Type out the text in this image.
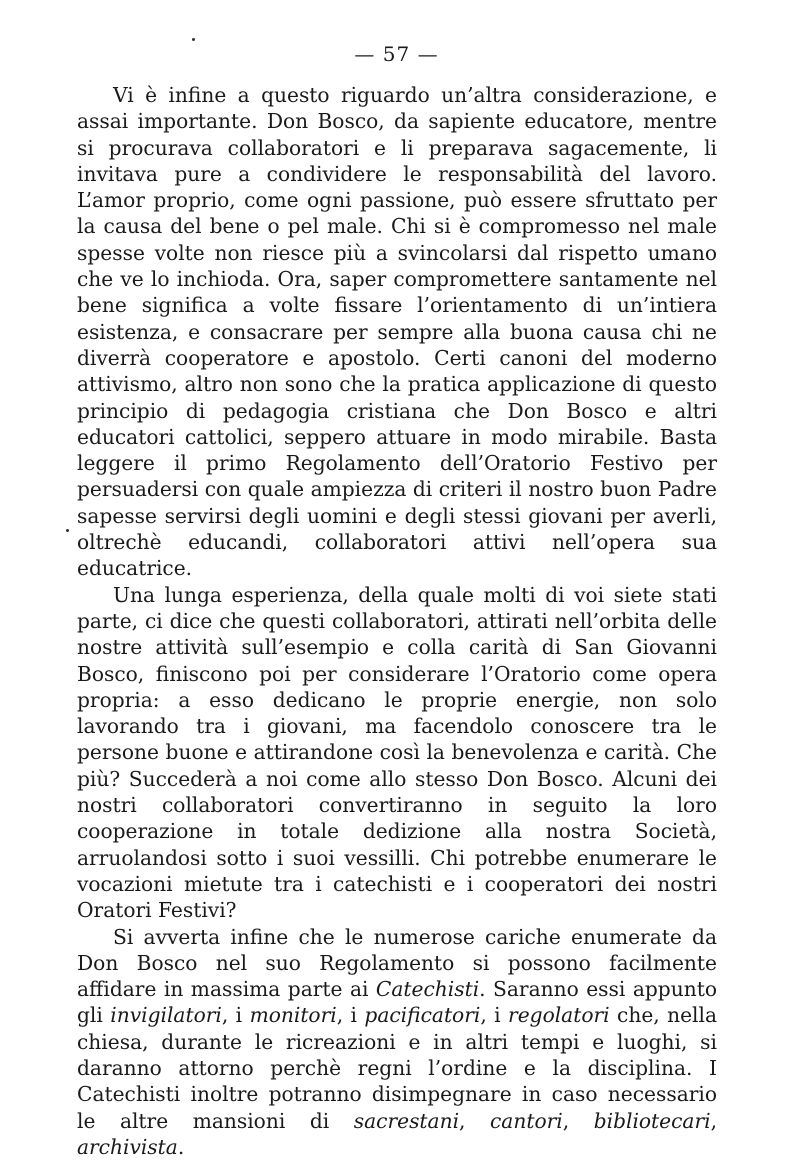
— 57 —

Vi è infine a questo riguardo un’altra considerazione, e assai importante. Don Bosco, da sapiente educatore, mentre si procurava collaboratori e li preparava sagacemente, li invitava pure a condividere le responsabilità del lavoro. L’amor proprio, come ogni passione, può essere sfruttato per la causa del bene o pel male. Chi si è compromesso nel male spesse volte non riesce più a svincolarsi dal rispetto umano che ve lo inchioda. Ora, saper compromettere santamente nel bene significa a volte fissare l’orientamento di un’intiera esistenza, e consacrare per sempre alla buona causa chi ne diverrà cooperatore e apostolo. Certi canoni del moderno attivismo, altro non sono che la pratica applicazione di questo principio di pedagogia cristiana che Don Bosco e altri educatori cattolici, seppero attuare in modo mirabile. Basta leggere il primo Regolamento dell’Oratorio Festivo per persuadersi con quale ampiezza di criteri il nostro buon Padre sapesse servirsi degli uomini e degli stessi giovani per averli, oltrechè educandi, collaboratori attivi nell’opera sua educatrice.

Una lunga esperienza, della quale molti di voi siete stati parte, ci dice che questi collaboratori, attirati nell’orbita delle nostre attività sull’esempio e colla carità di San Giovanni Bosco, finiscono poi per considerare l’Oratorio come opera propria: a esso dedicano le proprie energie, non solo lavorando tra i giovani, ma facendolo conoscere tra le persone buone e attirandone così la benevolenza e carità. Che più? Succederà a noi come allo stesso Don Bosco. Alcuni dei nostri collaboratori convertiranno in seguito la loro cooperazione in totale dedizione alla nostra Società, arruolandosi sotto i suoi vessilli. Chi potrebbe enumerare le vocazioni mietute tra i catechisti e i cooperatori dei nostri Oratori Festivi?

Si avverta infine che le numerose cariche enumerate da Don Bosco nel suo Regolamento si possono facilmente affidare in massima parte ai Catechisti. Saranno essi appunto gli invigilatori, i monitori, i pacificatori, i regolatori che, nella chiesa, durante le ricreazioni e in altri tempi e luoghi, si daranno attorno perchè regni l’ordine e la disciplina. I Catechisti inoltre potranno disimpegnare in caso necessario le altre mansioni di sacrestani, cantori, bibliotecari, archivista.
